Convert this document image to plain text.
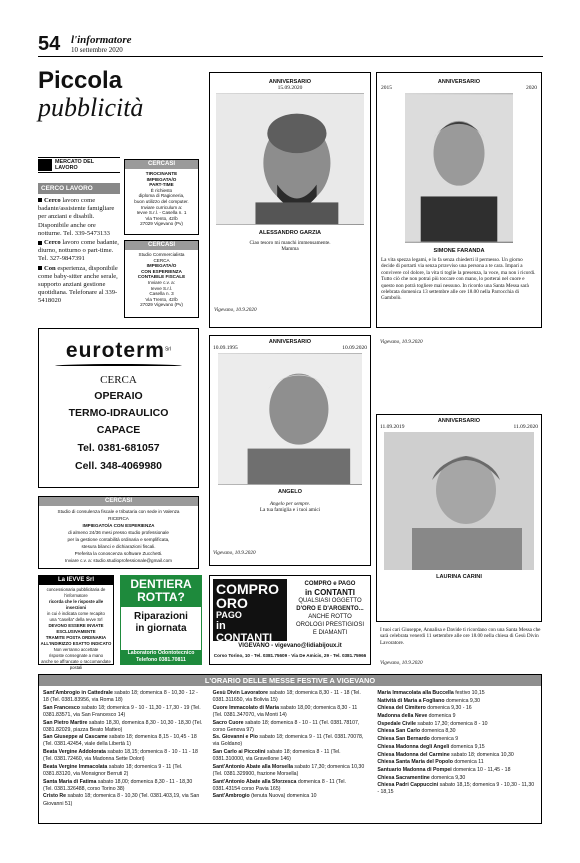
54 l'informatore
10 settembre 2020
Piccola
pubblicità
MERCATO DEL LAVORO
CERCO LAVORO
Cerco lavoro come badante/assistente famigliare per anziani e disabili. Disponibile anche ore notturne. Tel. 339-5473133
Cerco lavoro come badante, diurno, notturno o part-time. Tel. 327-9847391
Con esperienza, disponibile come baby-sitter anche serale, supporto anziani gestione quotidiana. Telefonare al 339-5418020
CERCASI
TIROCINANTE
IMPIEGATA/O
PART-TIME
È richiesto
diploma di Ragioneria,
buon utilizzo del computer.
Inviare curriculum a:
Ievve S.r.l. - Casella n. 1
Via Trento, 42/b
27029 Vigevano (Pv)
CERCASI
Studio Commercialista
CERCA
IMPIEGATA/O
CON ESPERIENZA
CONTABILE FISCALE
Inviare c.v. a:
Ievve S.r.l.
Casella n. 3
Via Trento, 42/b
27029 Vigevano (Pv)
euroterm$^{Srl}$
CERCA
OPERAIO
TERMO-IDRAULICO
CAPACE
Tel. 0381-681057
Cell. 348-4069980
CERCASI
Studio di consulenza fiscale e tributaria con sede in Valenza
RICERCA
IMPIEGATO/A CON ESPERIENZA
di almeno 24/36 mesi presso studio professionale
per la gestione contabilità ordinaria e semplificata,
stesura bilanci e dichiarazioni fiscali.
Preferita la conoscenza software Zucchetti.
Inviare c.v. a: studio.studioprofessionale@gmail.com
La IEVVE Srl
concessionaria pubblicitaria de l'informatore
ricorda che le risposte alle inserzioni
in cui è indicata come recapito
una "casella" della Ievve Srl
DEVONO ESSERE INVIATE
ESCLUSIVAMENTE
TRAMITE POSTA ORDINARIA
ALL'INDIRIZZO ESATTO INDICATO
Non verranno accettate
risposte consegnate a mano
anche se affrancate o raccomandate postali
DENTIERA
ROTTA?
Riparazioni
in giornata
Laboratorio Odontotecnico
Telefono 0381.70811
COMPRO
ORO
PAGO
in CONTANTI
COMPRO e PAGO
in CONTANTI
QUALSIASI OGGETTO
D'ORO E D'ARGENTO...
ANCHE ROTTO
OROLOGI PRESTIGIOSI
E DIAMANTI
VIGEVANO - vigevano@lidiabijoux.it
Corso Torino, 10 - Tel. 0381.75609 - Via De Amicis, 29 - Tel. 0381.75966
ANNIVERSARIO
15.09.2020
ALESSANDRO GARZIA
Ciao tesoro mi manchi immensamente.
Mamma
Vigevano, 10.9.2020
ANNIVERSARIO
2015	2020
SIMONE FARANDA
La vita spezza legami, e lo fa senza chiederti il permesso. Un giorno decide di portarti via senza prravviso una persona a te cara. Impari a convivere col dolore, la vita ti toglie la presenza, la voce, ma non i ricordi. Tutto ciò che non potrai più toccare con mano, lo porterai nel cuore e questo non potrà togliere mai nessuno. In ricordo una Santa Messa sarà celebrata domenica 13 settembre alle ore 18.00 nella Parrocchia di Gambolò.
Vigevano, 10.9.2020
ANNIVERSARIO
10.09.1995	10.09.2020
ANGELO
Angelo per sempre.
La tua famiglia e i tuoi amici
Vigevano, 10.9.2020
ANNIVERSARIO
11.09.2019	11.09.2020
LAURINA CARINI
I tuoi cari Giuseppe, Annalisa e Davide ti ricordano con una Santa Messa che sarà celebrata venerdì 11 settembre alle ore 18.00 nella chiesa di Gesù Divin Lavoratore.
Vigevano, 10.9.2020
L'ORARIO DELLE MESSE FESTIVE A VIGEVANO
Sant'Ambrogio in Cattedrale sabato 18; domenica 8 - 10,30 - 12 - 18 (Tel. 0381.83956, via Roma 18)
San Francesco sabato 18; domenica 9 - 10 - 11,30 - 17,30 - 19 (Tel. 0381.83571, via San Francesco 14)
San Pietro Martire sabato 18,30, domenica 8,30 - 10,30 - 18,30 (Tel. 0381.82029, piazza Beato Matteo)
San Giuseppe al Cascame sabato 18; domenica 8,15 - 10,45 - 18 (Tel. 0381.42454, viale della Libertà 1)
Beata Vergine Addolorata sabato 18,15; domenica 8 - 10 - 11 - 18 (Tel. 0381.72460, via Madonna Sette Dolori)
Beata Vergine Immacolata sabato 18; domenica 9 - 11 (Tel. 0381.83120, via Monsignor Berruti 2)
Santa Maria di Fatima sabato 18,00; domenica 8,30 - 11 - 18,30 (Tel. 0381.326488, corso Torino 38)
Cristo Re sabato 18; domenica 8 - 10,30 (Tel. 0381.403,19, via San Giovanni 51)
Gesù Divin Lavoratore sabato 18; domenica 8,30 - 11 - 18 (Tel. 0381.311650, via Bolivia 15)
Cuore Immacolato di Maria sabato 18,00; domenica 8,30 - 11 (Tel. 0381.347070, via Monti 14)
Sacro Cuore sabato 18; domenica 8 - 10 - 11 (Tel. 0381.78107, corso Genova 97)
Ss. Giovanni e Pio sabato 18; domenica 9 - 11 (Tel. 0381.70078, via Goldano)
San Carlo ai Piccolini sabato 18; domenica 8 - 11 (Tel. 0381.310000, via Gravellone 146)
Sant'Antonio Abate alla Morsella sabato 17,30; domenica 10,30 (Tel. 0381.329900, frazione Morsella)
Sant'Antonio Abate alla Sforzesca domenica 8 - 11 (Tel. 0381.43154 corso Pavia 165)
Sant'Ambrogio (tenuta Nuova) domenica 10
Maria Immacolata alla Buccella festivo 10,15
Natività di Maria a Fogliano domenica 9,30
Chiesa del Cimitero domenica 9,30 - 16
Madonna della Neve domenica 9
Ospedale Civile sabato 17,30; domenica 8 - 10
Chiesa San Carlo domenica 8,30
Chiesa San Bernardo domenica 9
Chiesa Madonna degli Angeli domenica 9,15
Chiesa Madonna del Carmine sabato 18; domenica 10,30
Chiesa Santa Maria del Popolo domenica 11
Santuario Madonna di Pompei domenica 10 - 11,45 - 18
Chiesa Sacramentine domenica 9,30
Chiesa Padri Cappuccini sabato 18,15; domenica 9 - 10,30 - 11,30 - 18,15
